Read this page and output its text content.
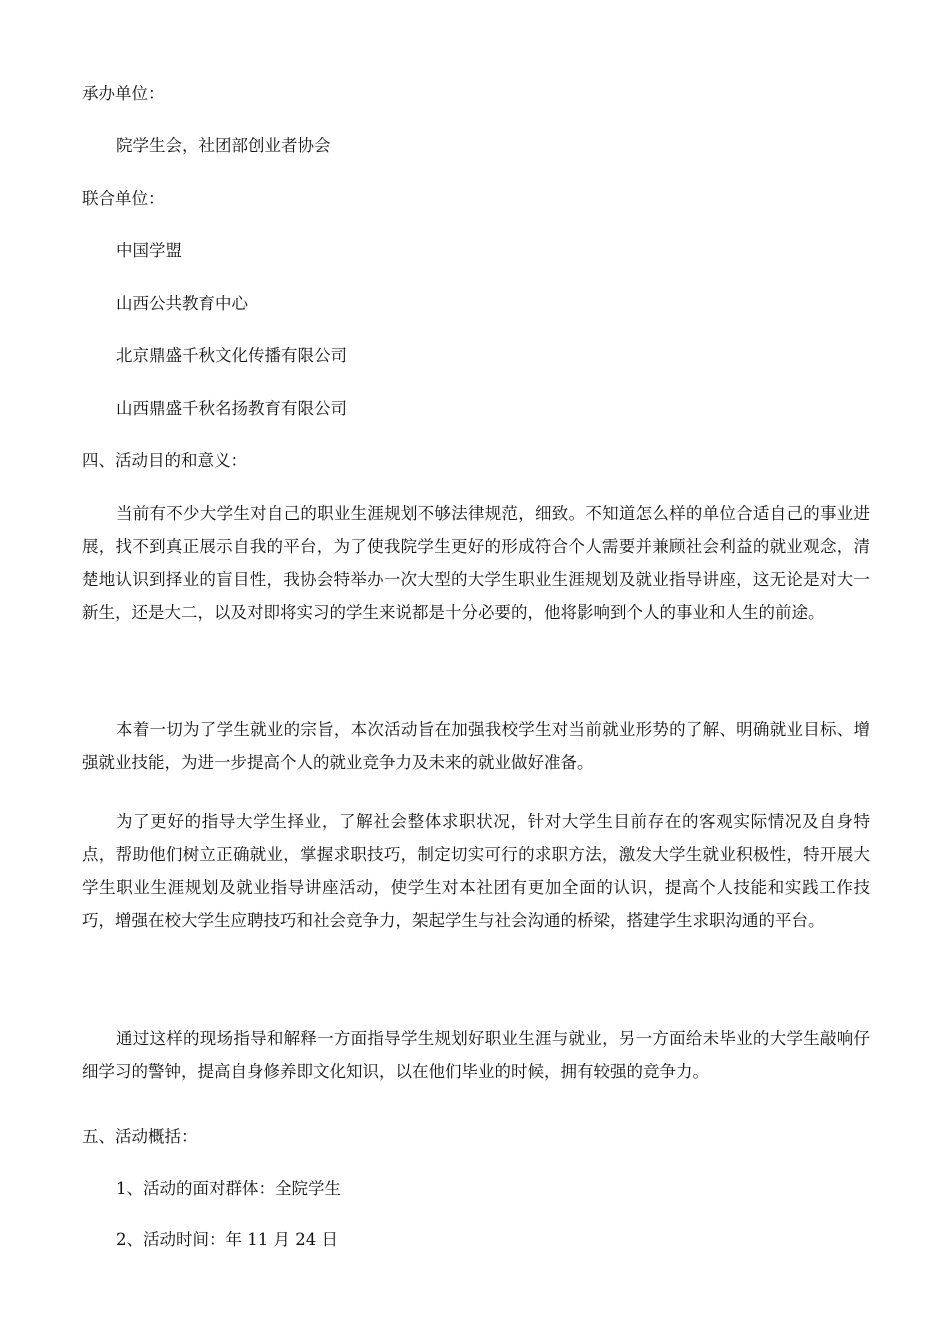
承办单位：
院学生会，社团部创业者协会
联合单位：
中国学盟
山西公共教育中心
北京鼎盛千秋文化传播有限公司
山西鼎盛千秋名扬教育有限公司
四、活动目的和意义：

当前有不少大学生对自己的职业生涯规划不够法律规范，细致。不知道怎么样的单位合适自己的事业进展，找不到真正展示自我的平台，为了使我院学生更好的形成符合个人需要并兼顾社会利益的就业观念，清楚地认识到择业的盲目性，我协会特举办一次大型的大学生职业生涯规划及就业指导讲座，这无论是对大一新生，还是大二，以及对即将实习的学生来说都是十分必要的，他将影响到个人的事业和人生的前途。

本着一切为了学生就业的宗旨，本次活动旨在加强我校学生对当前就业形势的了解、明确就业目标、增强就业技能，为进一步提高个人的就业竞争力及未来的就业做好准备。

为了更好的指导大学生择业，了解社会整体求职状况，针对大学生目前存在的客观实际情况及自身特点，帮助他们树立正确就业，掌握求职技巧，制定切实可行的求职方法，激发大学生就业积极性，特开展大学生职业生涯规划及就业指导讲座活动，使学生对本社团有更加全面的认识，提高个人技能和实践工作技巧，增强在校大学生应聘技巧和社会竞争力，架起学生与社会沟通的桥梁，搭建学生求职沟通的平台。

通过这样的现场指导和解释一方面指导学生规划好职业生涯与就业，另一方面给未毕业的大学生敲响仔细学习的警钟，提高自身修养即文化知识，以在他们毕业的时候，拥有较强的竞争力。

五、活动概括：
1、活动的面对群体：全院学生
2、活动时间：年 11 月 24 日
